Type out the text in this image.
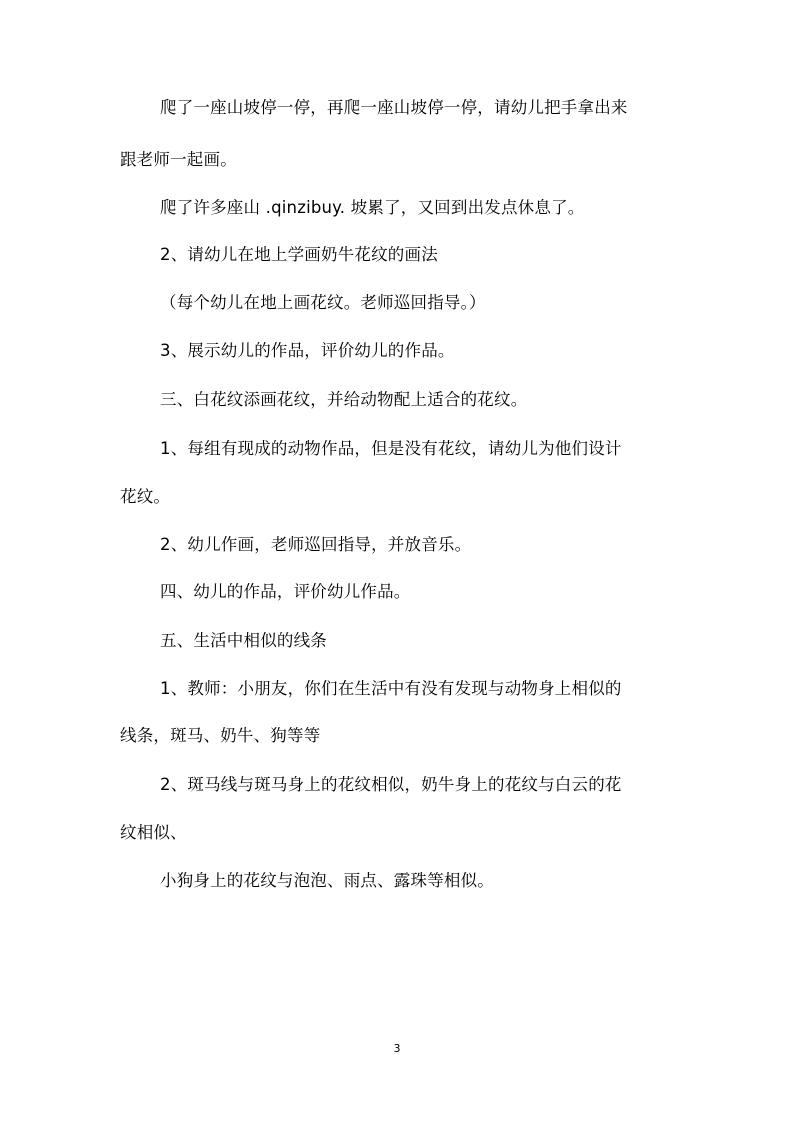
爬了一座山坡停一停，再爬一座山坡停一停，请幼儿把手拿出来
跟老师一起画。
爬了许多座山 .qinzibuy. 坡累了，又回到出发点休息了。
2、请幼儿在地上学画奶牛花纹的画法
（每个幼儿在地上画花纹。老师巡回指导。）
3、展示幼儿的作品，评价幼儿的作品。
三、白花纹添画花纹，并给动物配上适合的花纹。
1、每组有现成的动物作品，但是没有花纹，请幼儿为他们设计
花纹。
2、幼儿作画，老师巡回指导，并放音乐。
四、幼儿的作品，评价幼儿作品。
五、生活中相似的线条
1、教师：小朋友，你们在生活中有没有发现与动物身上相似的
线条，斑马、奶牛、狗等等
2、斑马线与斑马身上的花纹相似，奶牛身上的花纹与白云的花
纹相似、
小狗身上的花纹与泡泡、雨点、露珠等相似。
3
